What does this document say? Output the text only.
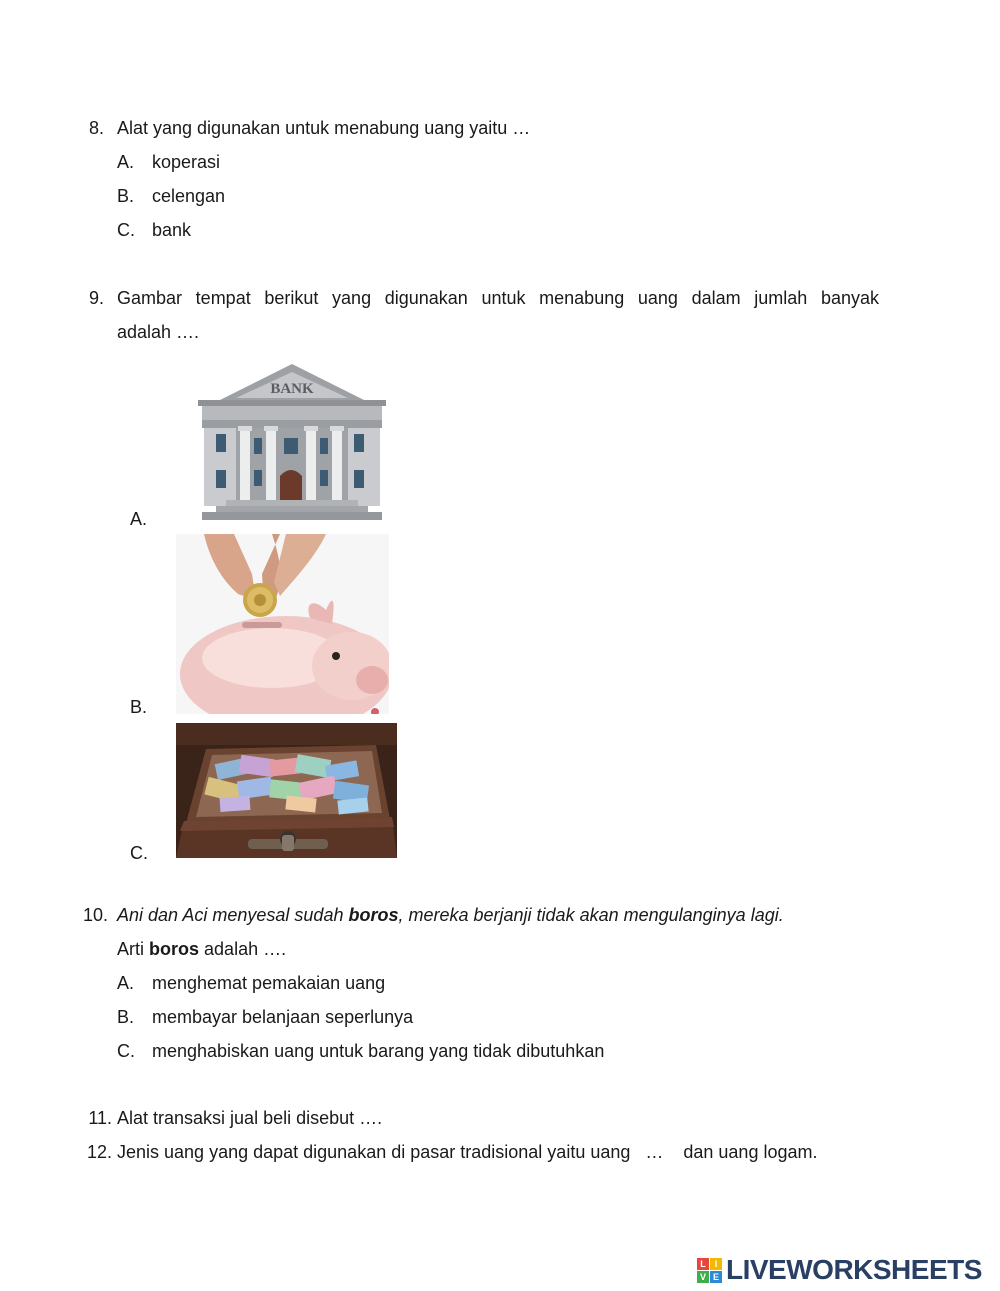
8. Alat yang digunakan untuk menabung uang yaitu …
A. koperasi
B. celengan
C. bank
9. Gambar tempat berikut yang digunakan untuk menabung uang dalam jumlah banyak
adalah ….
A.
BANK
B.
C.
10. Ani dan Aci menyesal sudah boros, mereka berjanji tidak akan mengulanginya lagi.
Arti boros adalah ….
A. menghemat pemakaian uang
B. membayar belanjaan seperlunya
C. menghabiskan uang untuk barang yang tidak dibutuhkan
11. Alat transaksi jual beli disebut ….
12. Jenis uang yang dapat digunakan di pasar tradisional yaitu uang   …    dan uang logam.
L I
V E LIVEWORKSHEETS
